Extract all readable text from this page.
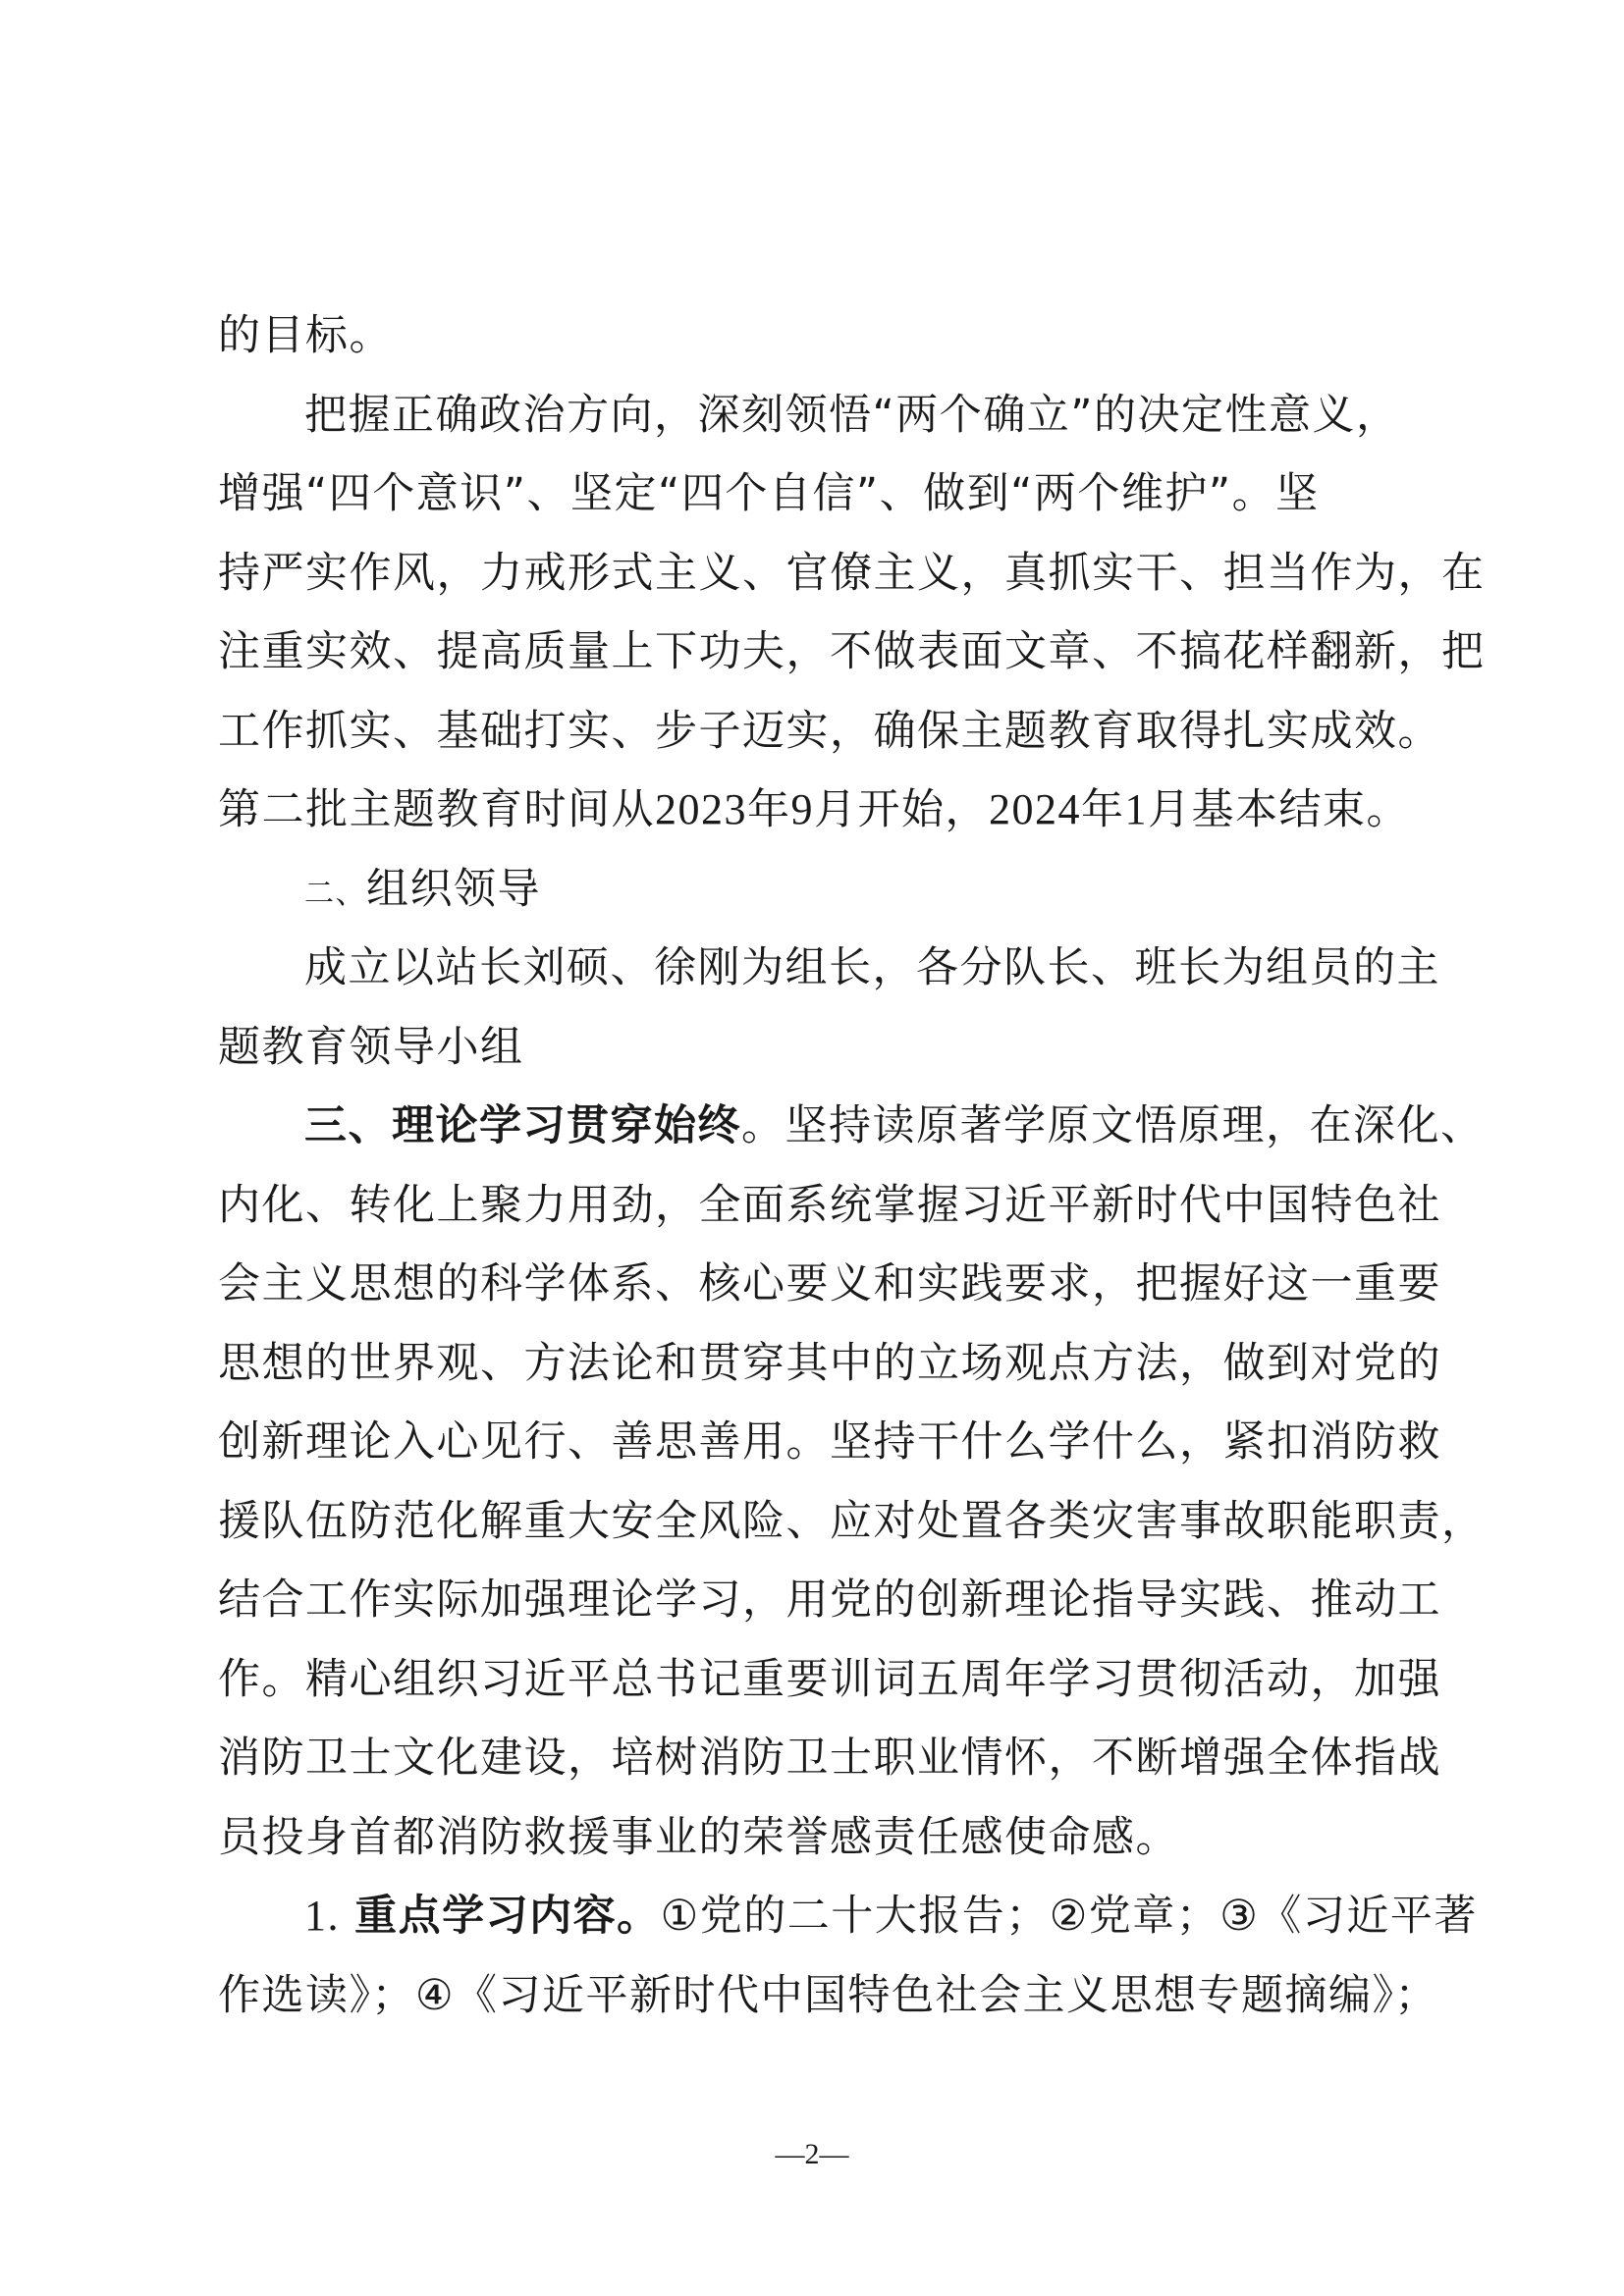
的目标。
把握正确政治方向，深刻领悟“两个确立”的决定性意义，
增强“四个意识”、坚定“四个自信”、做到“两个维护”。坚
持严实作风，力戒形式主义、官僚主义，真抓实干、担当作为，在
注重实效、提高质量上下功夫，不做表面文章、不搞花样翻新，把
工作抓实、基础打实、步子迈实，确保主题教育取得扎实成效。
第二批主题教育时间从2023年9月开始，2024年1月基本结束。
二、组织领导
成立以站长刘硕、徐刚为组长，各分队长、班长为组员的主
题教育领导小组
三、理论学习贯穿始终。坚持读原著学原文悟原理，在深化、
内化、转化上聚力用劲，全面系统掌握习近平新时代中国特色社
会主义思想的科学体系、核心要义和实践要求，把握好这一重要
思想的世界观、方法论和贯穿其中的立场观点方法，做到对党的
创新理论入心见行、善思善用。坚持干什么学什么，紧扣消防救
援队伍防范化解重大安全风险、应对处置各类灾害事故职能职责，
结合工作实际加强理论学习，用党的创新理论指导实践、推动工
作。精心组织习近平总书记重要训词五周年学习贯彻活动，加强
消防卫士文化建设，培树消防卫士职业情怀，不断增强全体指战
员投身首都消防救援事业的荣誉感责任感使命感。
1. 重点学习内容。①党的二十大报告；②党章；③《习近平著
作选读》；④《习近平新时代中国特色社会主义思想专题摘编》；
—2—
